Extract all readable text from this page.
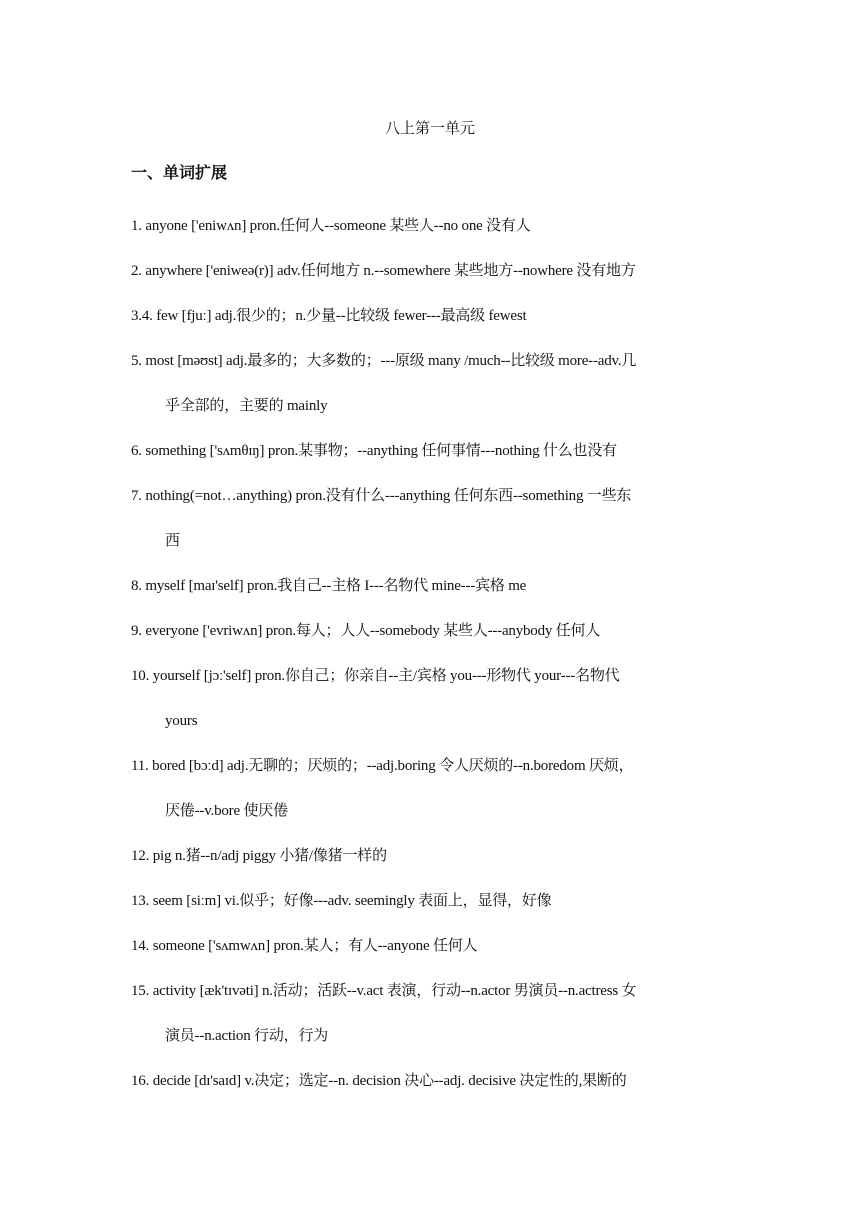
八上第一单元
一、单词扩展
1. anyone ['eniwʌn] pron.任何人--someone 某些人--no one 没有人
2. anywhere ['eniweə(r)] adv.任何地方 n.--somewhere 某些地方--nowhere 没有地方
3.4. few [fjuː] adj.很少的；n.少量--比较级 fewer---最高级 fewest
5. most [məʊst] adj.最多的；大多数的；---原级 many /much--比较级 more--adv.几
乎全部的，主要的 mainly
6. something ['sʌmθɪŋ] pron.某事物；--anything 任何事情---nothing 什么也没有
7. nothing(=not…anything) pron.没有什么---anything 任何东西--something 一些东
西
8. myself [maɪ'self] pron.我自己--主格 I---名物代 mine---宾格 me
9. everyone ['evriwʌn] pron.每人；人人--somebody 某些人---anybody 任何人
10. yourself [jɔː'self] pron.你自己；你亲自--主/宾格 you---形物代 your---名物代
yours
11. bored [bɔːd] adj.无聊的；厌烦的；--adj.boring 令人厌烦的--n.boredom 厌烦，
厌倦--v.bore 使厌倦
12. pig n.猪--n/adj piggy 小猪/像猪一样的
13. seem [siːm] vi.似乎；好像---adv. seemingly 表面上，显得，好像
14. someone ['sʌmwʌn] pron.某人；有人--anyone 任何人
15. activity [æk'tɪvəti] n.活动；活跃--v.act 表演，行动--n.actor 男演员--n.actress 女
演员--n.action 行动，行为
16. decide [dɪ'saɪd] v.决定；选定--n. decision 决心--adj. decisive 决定性的,果断的
